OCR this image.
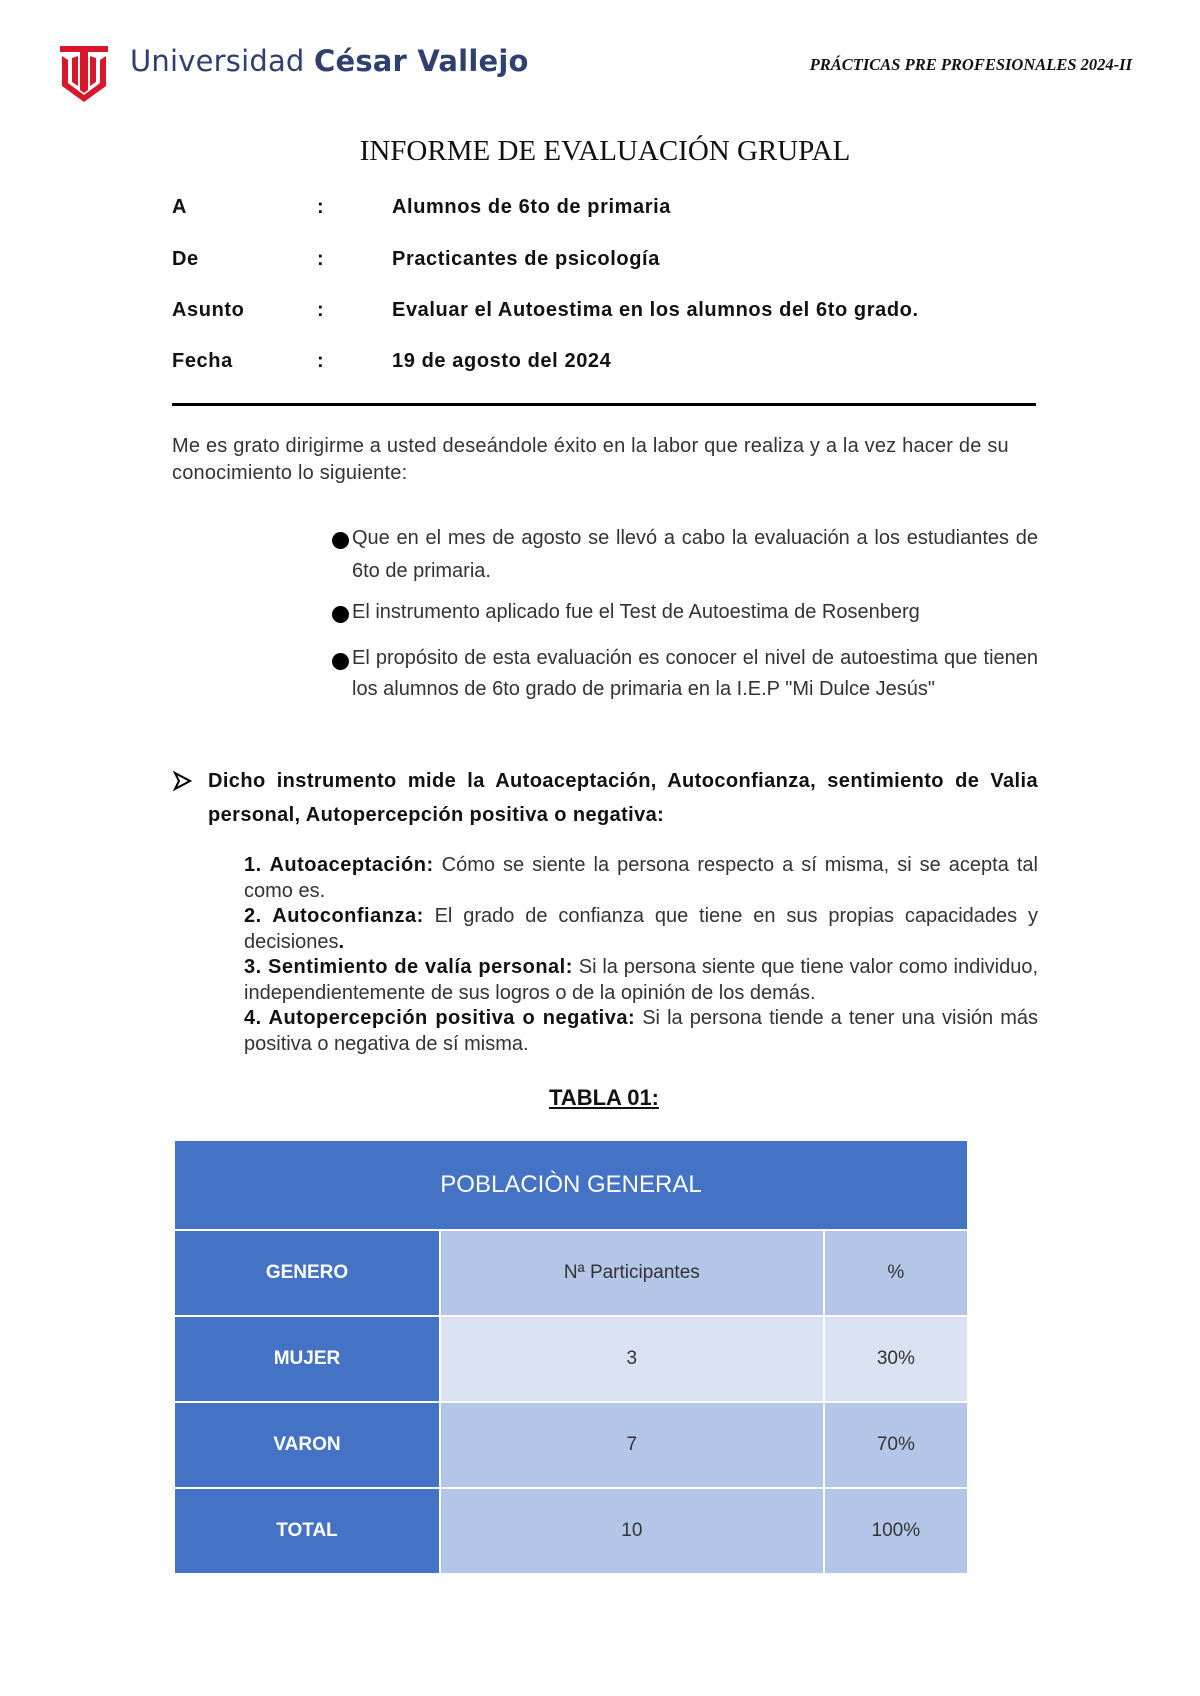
Universidad César Vallejo	PRÁCTICAS PRE PROFESIONALES 2024-II
INFORME DE EVALUACIÓN GRUPAL
A	:	Alumnos de 6to de primaria
De	:	Practicantes de psicología
Asunto	:	Evaluar el Autoestima en los alumnos del 6to grado.
Fecha	:	19 de agosto del 2024
Me es grato dirigirme a usted deseándole éxito en la labor que realiza y a la vez hacer de su conocimiento lo siguiente:
Que en el mes de agosto se llevó a cabo la evaluación a los estudiantes de 6to de primaria.
El instrumento aplicado fue el Test de Autoestima de Rosenberg
El propósito de esta evaluación es conocer el nivel de autoestima que tienen los alumnos de 6to grado de primaria en la I.E.P "Mi Dulce Jesús"
Dicho instrumento mide la Autoaceptación, Autoconfianza, sentimiento de Valia personal, Autopercepción positiva o negativa:

1. Autoaceptación: Cómo se siente la persona respecto a sí misma, si se acepta tal como es.

2. Autoconfianza: El grado de confianza que tiene en sus propias capacidades y decisiones.

3. Sentimiento de valía personal: Si la persona siente que tiene valor como individuo, independientemente de sus logros o de la opinión de los demás.

4. Autopercepción positiva o negativa: Si la persona tiende a tener una visión más positiva o negativa de sí misma.

TABLA 01:
POBLACIÒN GENERAL		
GENERO	Nª Participantes	%
MUJER	3	30%
VARON	7	70%
TOTAL	10	100%
